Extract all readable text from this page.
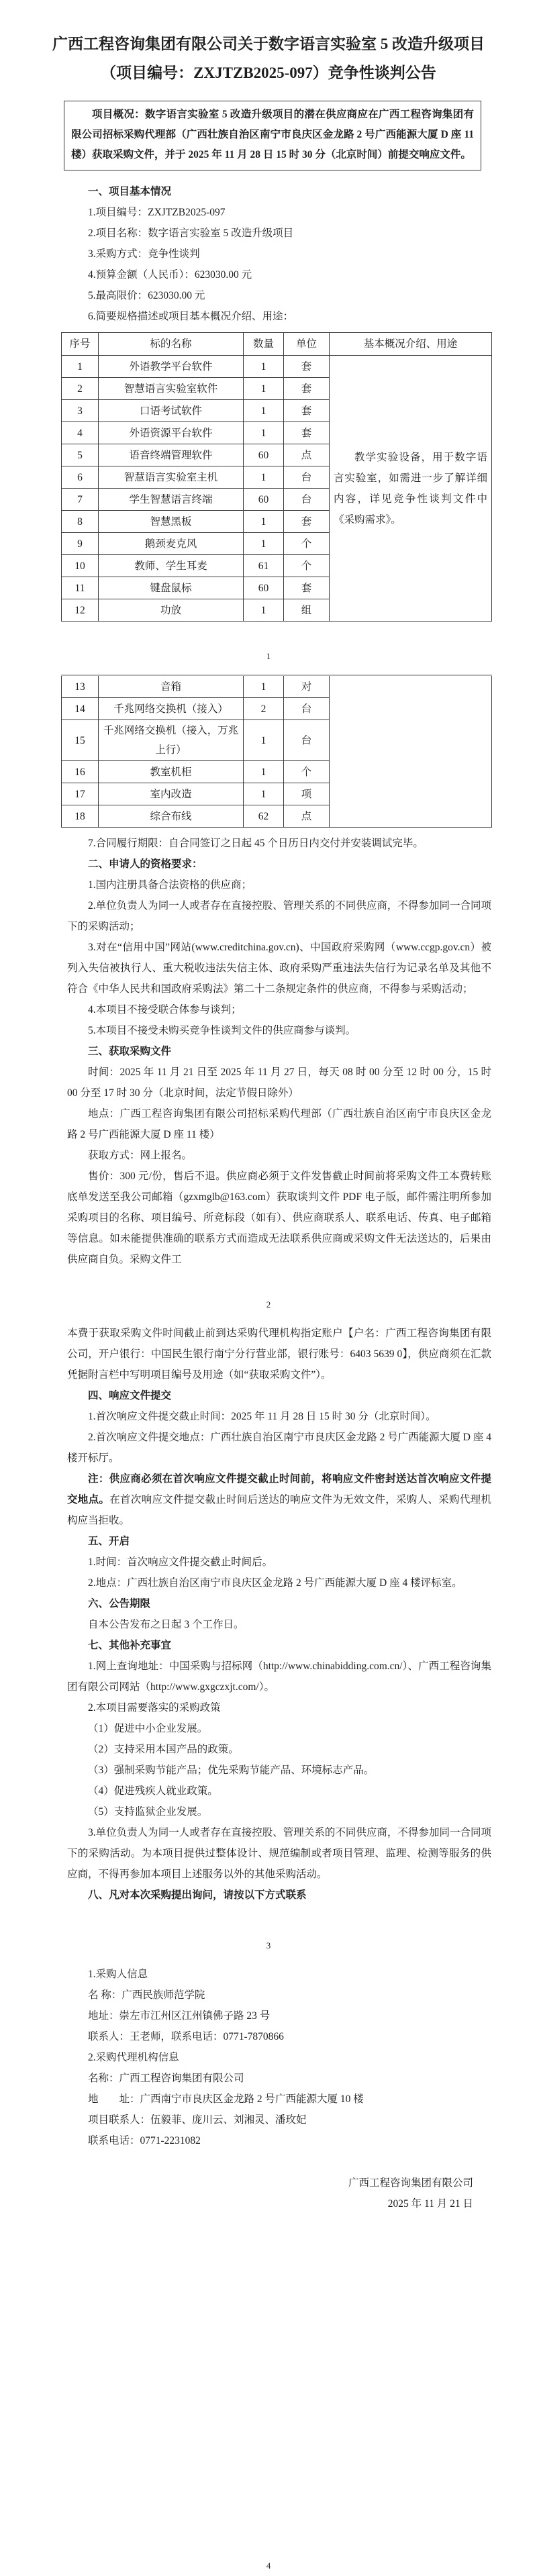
广西工程咨询集团有限公司关于数字语言实验室 5 改造升级项目
（项目编号：ZXJTZB2025-097）竞争性谈判公告

项目概况：数字语言实验室 5 改造升级项目的潜在供应商应在广西工程咨询集团有限公司招标采购代理部（广西壮族自治区南宁市良庆区金龙路 2 号广西能源大厦 D 座 11 楼）获取采购文件，并于 2025 年 11 月 28 日 15 时 30 分（北京时间）前提交响应文件。

一、项目基本情况

1.项目编号：ZXJTZB2025-097

2.项目名称：数字语言实验室 5 改造升级项目

3.采购方式：竞争性谈判

4.预算金额（人民币）：623030.00 元

5.最高限价：623030.00 元

6.简要规格描述或项目基本概况介绍、用途：

序号	标的名称	数量	单位	基本概况介绍、用途
1	外语教学平台软件	1	套	教学实验设备，用于数字语言实验室，如需进一步了解详细内容，详见竞争性谈判文件中《采购需求》。

2	智慧语言实验室软件	1	套	
3	口语考试软件	1	套	
4	外语资源平台软件	1	套	
5	语音终端管理软件	60	点	
6	智慧语言实验室主机	1	台	
7	学生智慧语言终端	60	台	
8	智慧黑板	1	套	
9	鹅颈麦克风	1	个	
10	教师、学生耳麦	61	个	
11	键盘鼠标	60	套	
12	功放	1	组	

1

13	音箱	1	对	
14	千兆网络交换机（接入）	2	台	
15	千兆网络交换机（接入，万兆上行）	1	台	
16	教室机柜	1	个	
17	室内改造	1	项	
18	综合布线	62	点	

7.合同履行期限：自合同签订之日起 45 个日历日内交付并安装调试完毕。

二、申请人的资格要求：

1.国内注册具备合法资格的供应商；

2.单位负责人为同一人或者存在直接控股、管理关系的不同供应商，不得参加同一合同项下的采购活动；

3.对在“信用中国”网站(www.creditchina.gov.cn)、中国政府采购网（www.ccgp.gov.cn）被列入失信被执行人、重大税收违法失信主体、政府采购严重违法失信行为记录名单及其他不符合《中华人民共和国政府采购法》第二十二条规定条件的供应商，不得参与采购活动；

4.本项目不接受联合体参与谈判；

5.本项目不接受未购买竞争性谈判文件的供应商参与谈判。

三、获取采购文件

时间：2025 年 11 月 21 日至 2025 年 11 月 27 日，每天 08 时 00 分至 12 时 00 分，15 时 00 分至 17 时 30 分（北京时间，法定节假日除外）

地点：广西工程咨询集团有限公司招标采购代理部（广西壮族自治区南宁市良庆区金龙路 2 号广西能源大厦 D 座 11 楼）

获取方式：网上报名。

售价：300 元/份，售后不退。供应商必须于文件发售截止时间前将采购文件工本费转账底单发送至我公司邮箱（gzxmglb@163.com）获取谈判文件 PDF 电子版，邮件需注明所参加采购项目的名称、项目编号、所竞标段（如有）、供应商联系人、联系电话、传真、电子邮箱等信息。如未能提供准确的联系方式而造成无法联系供应商或采购文件无法送达的，后果由供应商自负。采购文件工

2

本费于获取采购文件时间截止前到达采购代理机构指定账户【户名：广西工程咨询集团有限公司，开户银行：中国民生银行南宁分行营业部，银行账号：6403 5639 0】，供应商须在汇款凭据附言栏中写明项目编号及用途（如“获取采购文件”）。

四、响应文件提交

1.首次响应文件提交截止时间：2025 年 11 月 28 日 15 时 30 分（北京时间）。

2.首次响应文件提交地点：广西壮族自治区南宁市良庆区金龙路 2 号广西能源大厦 D 座 4 楼开标厅。

注：供应商必须在首次响应文件提交截止时间前，将响应文件密封送达首次响应文件提交地点。在首次响应文件提交截止时间后送达的响应文件为无效文件，采购人、采购代理机构应当拒收。

五、开启

1.时间：首次响应文件提交截止时间后。

2.地点：广西壮族自治区南宁市良庆区金龙路 2 号广西能源大厦 D 座 4 楼评标室。

六、公告期限

自本公告发布之日起 3 个工作日。

七、其他补充事宜

1.网上查询地址：中国采购与招标网（http://www.chinabidding.com.cn/）、广西工程咨询集团有限公司网站（http://www.gxgczxjt.com/）。

2.本项目需要落实的采购政策

（1）促进中小企业发展。

（2）支持采用本国产品的政策。

（3）强制采购节能产品；优先采购节能产品、环境标志产品。

（4）促进残疾人就业政策。

（5）支持监狱企业发展。

3.单位负责人为同一人或者存在直接控股、管理关系的不同供应商，不得参加同一合同项下的采购活动。为本项目提供过整体设计、规范编制或者项目管理、监理、检测等服务的供应商，不得再参加本项目上述服务以外的其他采购活动。

八、凡对本次采购提出询问，请按以下方式联系

3

1.采购人信息

名 称：广西民族师范学院

地址：崇左市江州区江州镇佛子路 23 号

联系人：王老师，联系电话：0771-7870866

2.采购代理机构信息

名称：广西工程咨询集团有限公司

地　　址：广西南宁市良庆区金龙路 2 号广西能源大厦 10 楼

项目联系人：伍毅菲、庞川云、刘湘灵、潘玫妃

联系电话：0771-2231082

广西工程咨询集团有限公司
2025 年 11 月 21 日

4
